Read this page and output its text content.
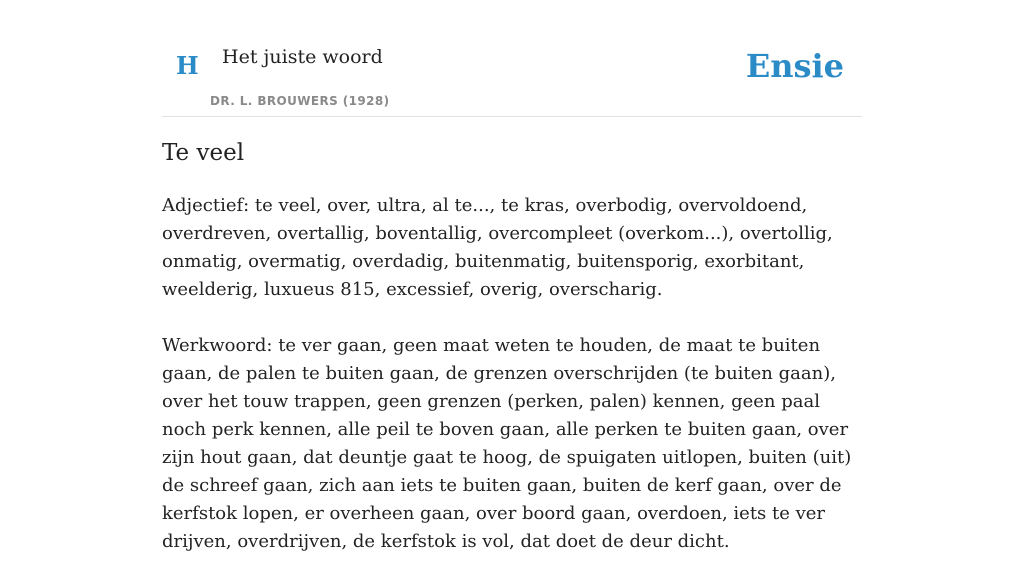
H Het juiste woord
DR. L. BROUWERS (1928)
Ensie
Te veel

Adjectief: te veel, over, ultra, al te..., te kras, overbodig, overvoldoend, overdreven, overtallig, boventallig, overcompleet (overkom...), overtollig, onmatig, overmatig, overdadig, buitenmatig, buitensporig, exorbitant, weelderig, luxueus 815, excessief, overig, overscharig.

Werkwoord: te ver gaan, geen maat weten te houden, de maat te buiten gaan, de palen te buiten gaan, de grenzen overschrijden (te buiten gaan), over het touw trappen, geen grenzen (perken, palen) kennen, geen paal noch perk kennen, alle peil te boven gaan, alle perken te buiten gaan, over zijn hout gaan, dat deuntje gaat te hoog, de spuigaten uitlopen, buiten (uit) de schreef gaan, zich aan iets te buiten gaan, buiten de kerf gaan, over de kerfstok lopen, er overheen gaan, over boord gaan, overdoen, iets te ver drijven, overdrijven, de kerfstok is vol, dat doet de deur dicht.
